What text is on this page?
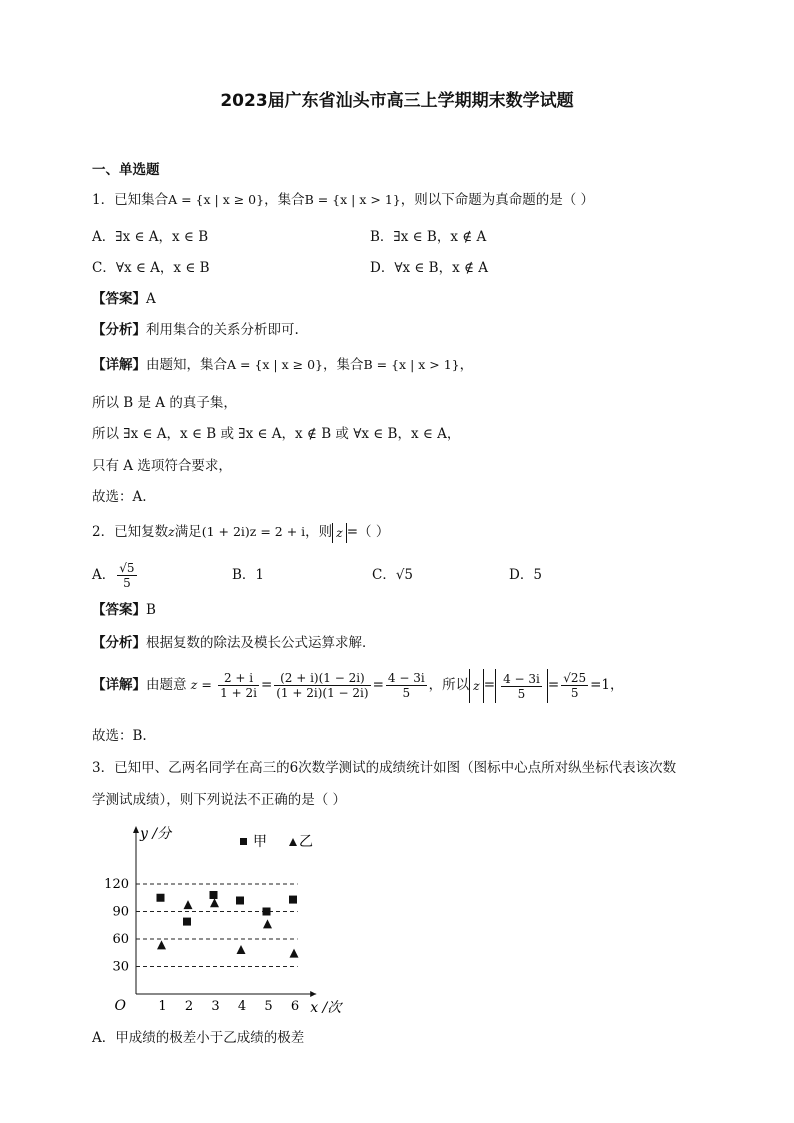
2023届广东省汕头市高三上学期期末数学试题
一、单选题
1．已知集合A = {x | x ≥ 0}，集合B = {x | x > 1}，则以下命题为真命题的是（ ）
A．∃x ∈ A，x ∈ B	B．∃x ∈ B，x ∉ A
C．∀x ∈ A，x ∈ B	D．∀x ∈ B，x ∉ A
【答案】A
【分析】利用集合的关系分析即可.
【详解】由题知，集合A = {x | x ≥ 0}，集合B = {x | x > 1}，
所以 B 是 A 的真子集，
所以 ∃x ∈ A，x ∈ B 或 ∃x ∈ A，x ∉ B 或 ∀x ∈ B，x ∈ A，
只有 A 选项符合要求，
故选：A.
2．已知复数z满足(1 + 2i)z = 2 + i，则 z =（ ）
A． $\frac{√5}{5}$	B．1	C．√5	D．5
【答案】B
【分析】根据复数的除法及模长公式运算求解．
【详解】由题意 $z = \frac{2 + i}{1 + 2i} = \frac{(2 + i)(1 - 2i)}{(1 + 2i)(1 - 2i)} = \frac{4 - 3i}{5}$ ，所以 $z = \frac{4 - 3i}{5} = \frac{√25}{5} =1$，
故选：B.
3．已知甲、乙两名同学在高三的6次数学测试的成绩统计如图（图标中心点所对纵坐标代表该次数
学测试成绩），则下列说法不正确的是（ ）
30
60
90
120
1 2 3 4 5 6
O
y /分
x /次
甲 乙
A．甲成绩的极差小于乙成绩的极差
